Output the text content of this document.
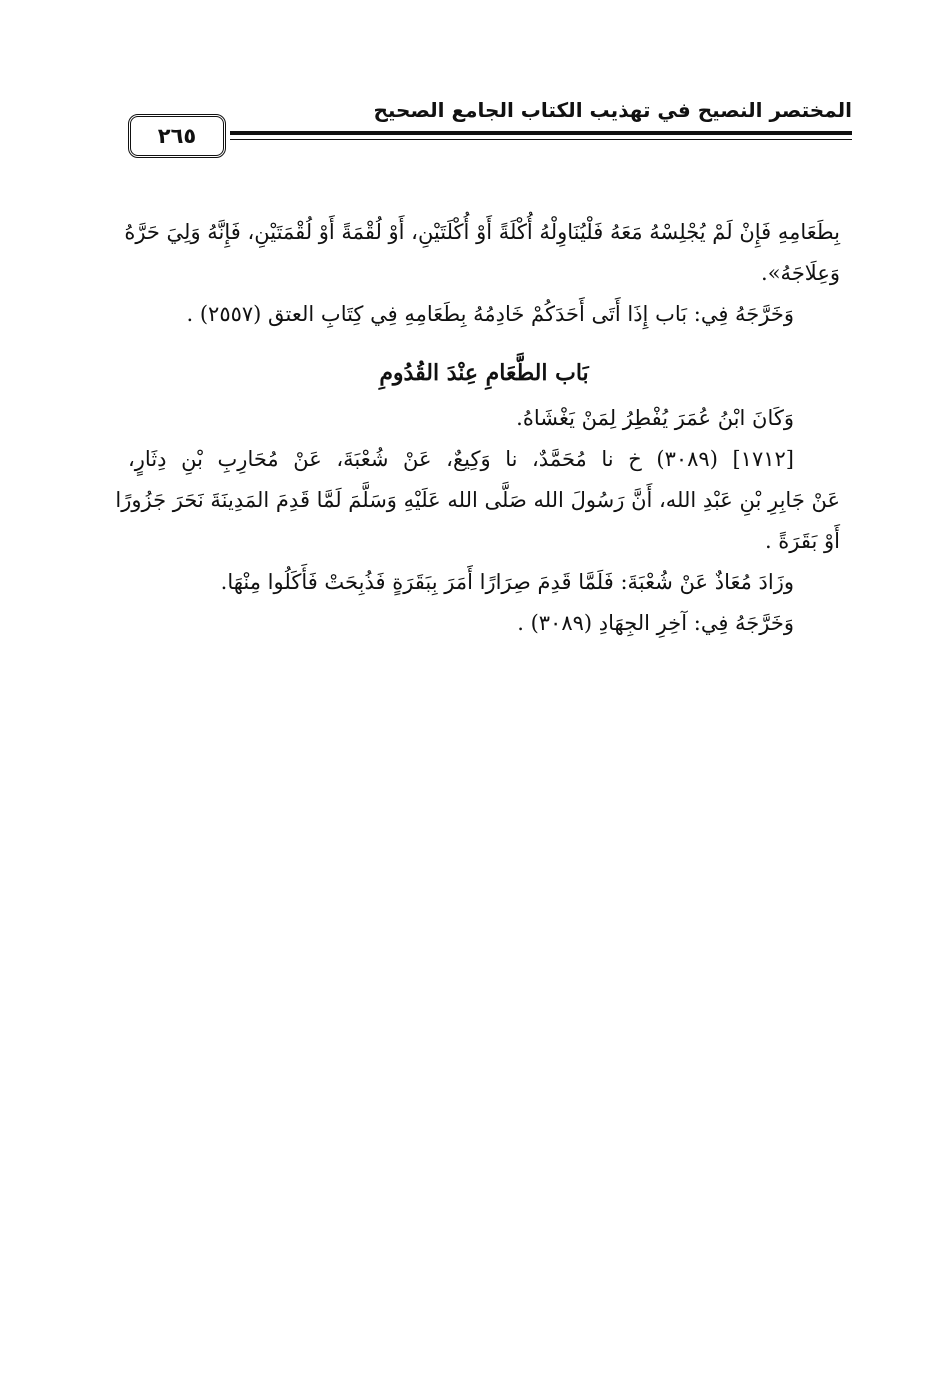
المختصر النصيح في تهذيب الكتاب الجامع الصحيح
٢٦٥
بِطَعَامِهِ فَإِنْ لَمْ يُجْلِسْهُ مَعَهُ فَلْيُنَاوِلْهُ أُكْلَةً أَوْ أُكْلَتَيْنِ، أَوْ لُقْمَةً أَوْ لُقْمَتَيْنِ، فَإِنَّهُ وَلِيَ حَرَّهُ
وَعِلَاجَهُ».
وَخَرَّجَهُ فِي: بَاب إِذَا أَتَى أَحَدَكُمْ خَادِمُهُ بِطَعَامِهِ فِي كِتَابِ العتق (٢٥٥٧) .
بَاب الطَّعَامِ عِنْدَ القُدُومِ
وَكَانَ ابْنُ عُمَرَ يُفْطِرُ لِمَنْ يَغْشَاهُ.
[١٧١٢] (٣٠٨٩) خ نا مُحَمَّدٌ، نا وَكِيعٌ، عَنْ شُعْبَةَ، عَنْ مُحَارِبِ بْنِ دِثَارٍ،
عَنْ جَابِرِ بْنِ عَبْدِ الله، أَنَّ رَسُولَ الله صَلَّى الله عَلَيْهِ وَسَلَّمَ لَمَّا قَدِمَ المَدِينَةَ نَحَرَ جَزُورًا
أَوْ بَقَرَةً .
وزَادَ مُعَاذٌ عَنْ شُعْبَةَ: فَلَمَّا قَدِمَ صِرَارًا أَمَرَ بِبَقَرَةٍ فَذُبِحَتْ فَأَكَلُوا مِنْهَا.
وَخَرَّجَهُ فِي: آخِرِ الجِهَادِ (٣٠٨٩) .
